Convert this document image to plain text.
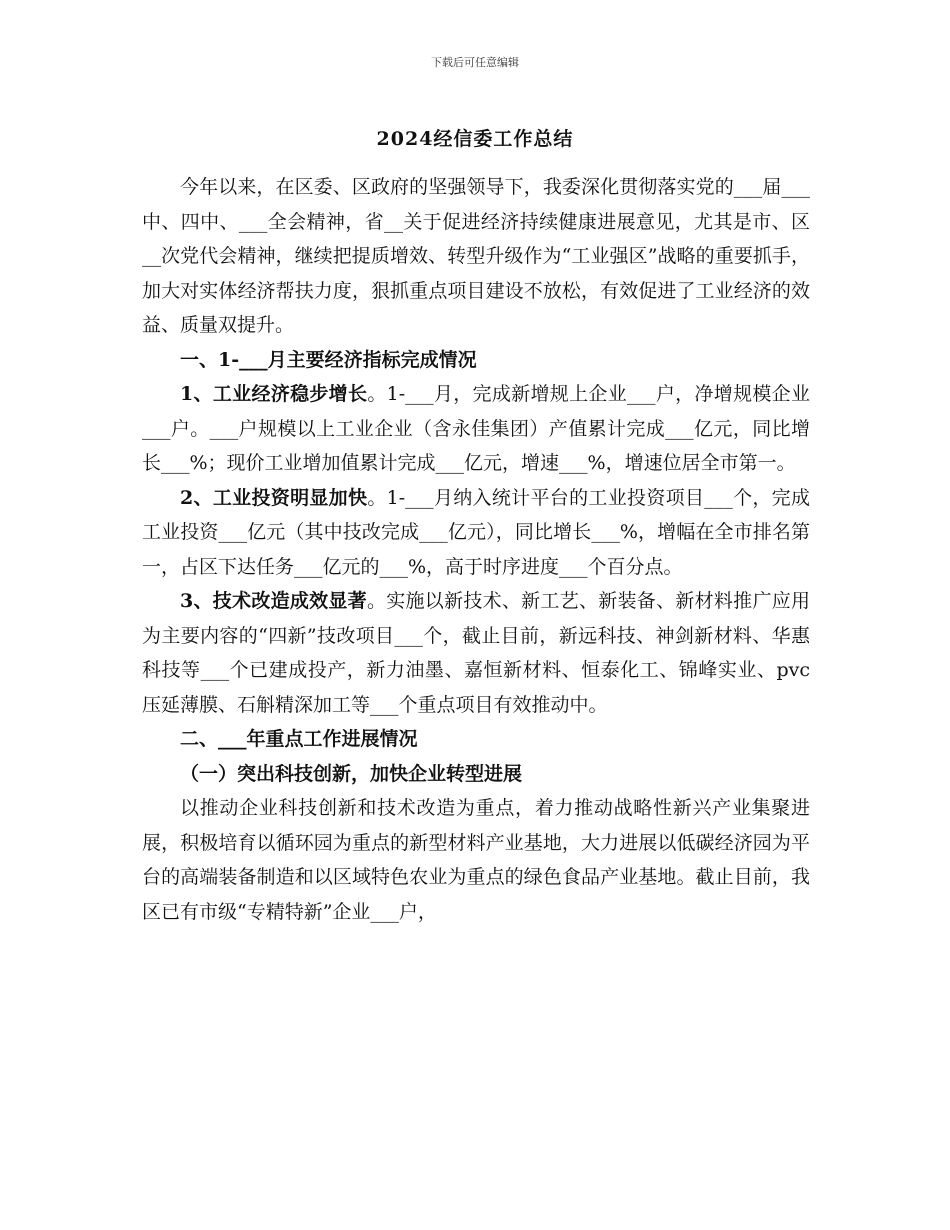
下载后可任意编辑
2024经信委工作总结

今年以来，在区委、区政府的坚强领导下，我委深化贯彻落实党的___届___中、四中、___全会精神，省__关于促进经济持续健康进展意见，尤其是市、区__次党代会精神，继续把提质增效、转型升级作为“工业强区”战略的重要抓手，加大对实体经济帮扶力度，狠抓重点项目建设不放松，有效促进了工业经济的效益、质量双提升。

一、1-___月主要经济指标完成情况

1、工业经济稳步增长。1-___月，完成新增规上企业___户，净增规模企业___户。___户规模以上工业企业（含永佳集团）产值累计完成___亿元，同比增长___%；现价工业增加值累计完成___亿元，增速___%，增速位居全市第一。

2、工业投资明显加快。1-___月纳入统计平台的工业投资项目___个，完成工业投资___亿元（其中技改完成___亿元），同比增长___%，增幅在全市排名第一，占区下达任务___亿元的___%，高于时序进度___个百分点。

3、技术改造成效显著。实施以新技术、新工艺、新装备、新材料推广应用为主要内容的“四新”技改项目___个，截止目前，新远科技、神剑新材料、华惠科技等___个已建成投产，新力油墨、嘉恒新材料、恒泰化工、锦峰实业、pvc压延薄膜、石斛精深加工等___个重点项目有效推动中。

二、___年重点工作进展情况

（一）突出科技创新，加快企业转型进展

以推动企业科技创新和技术改造为重点，着力推动战略性新兴产业集聚进展，积极培育以循环园为重点的新型材料产业基地，大力进展以低碳经济园为平台的高端装备制造和以区域特色农业为重点的绿色食品产业基地。截止目前，我区已有市级“专精特新”企业___户，
